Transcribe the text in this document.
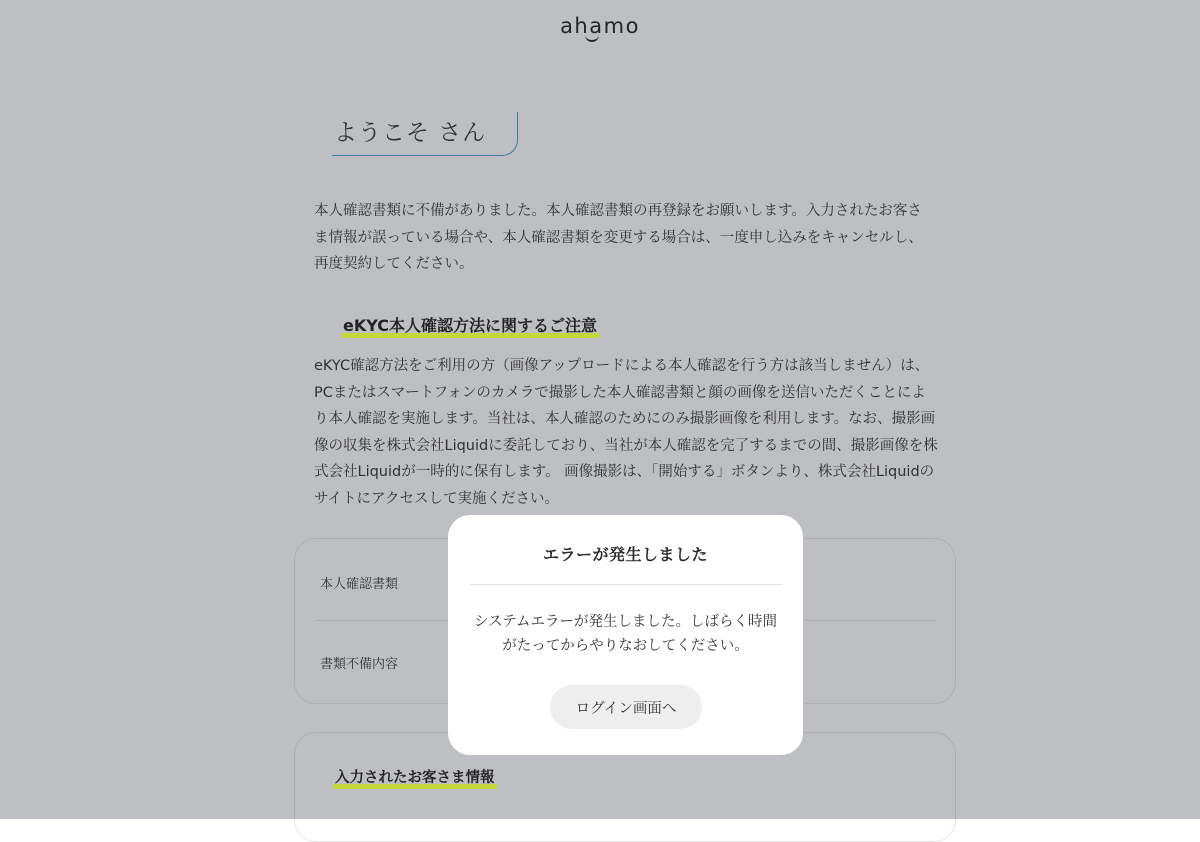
ahamo
ようこそ さん
本人確認書類に不備がありました。本人確認書類の再登録をお願いします。入力されたお客さま情報が誤っている場合や、本人確認書類を変更する場合は、一度申し込みをキャンセルし、再度契約してください。
eKYC本人確認方法に関するご注意
eKYC確認方法をご利用の方（画像アップロードによる本人確認を行う方は該当しません）は、PCまたはスマートフォンのカメラで撮影した本人確認書類と顔の画像を送信いただくことにより本人確認を実施します。当社は、本人確認のためにのみ撮影画像を利用します。なお、撮影画像の収集を株式会社Liquidに委託しており、当社が本人確認を完了するまでの間、撮影画像を株式会社Liquidが一時的に保有します。 画像撮影は、「開始する」ボタンより、株式会社Liquidのサイトにアクセスして実施ください。
本人確認書類
書類不備内容
入力されたお客さま情報
エラーが発生しました
システムエラーが発生しました。しばらく時間がたってからやりなおしてください。
ログイン画面へ
